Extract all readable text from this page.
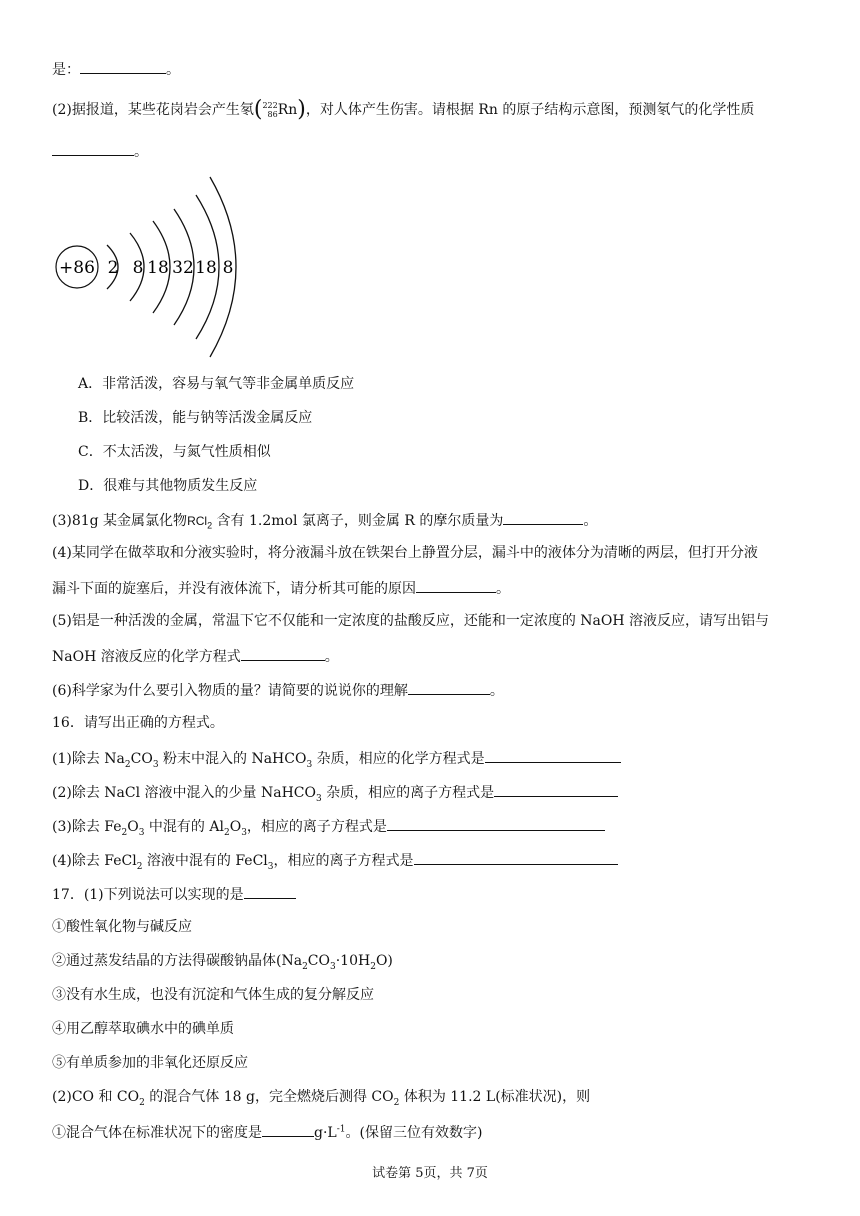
是：	。
(2)据报道，某些花岗岩会产生氡(222
86Rn)，对人体产生伤害。请根据 Rn 的原子结构示意图，预测氡气的化学性质
。
+86 2 8 18 32 18 8
A．非常活泼，容易与氧气等非金属单质反应
B．比较活泼，能与钠等活泼金属反应
C．不太活泼，与氮气性质相似
D．很难与其他物质发生反应
(3)81g 某金属氯化物RCl$_2$ 含有 1.2mol 氯离子，则金属 R 的摩尔质量为	。
(4)某同学在做萃取和分液实验时，将分液漏斗放在铁架台上静置分层，漏斗中的液体分为清晰的两层，但打开分液
漏斗下面的旋塞后，并没有液体流下，请分析其可能的原因	。
(5)铝是一种活泼的金属，常温下它不仅能和一定浓度的盐酸反应，还能和一定浓度的 NaOH 溶液反应，请写出铝与
NaOH 溶液反应的化学方程式	。
(6)科学家为什么要引入物质的量？请简要的说说你的理解	。
16．请写出正确的方程式。
(1)除去 $Na_2CO_3$ 粉末中混入的 NaHCO$_3$ 杂质，相应的化学方程式是
(2)除去 NaCl 溶液中混入的少量 NaHCO$_3$ 杂质，相应的离子方程式是
(3)除去 $Fe_2O_3$ 中混有的 $Al_2O_3$，相应的离子方程式是
(4)除去 FeCl$_2$ 溶液中混有的 FeCl$_3$，相应的离子方程式是
17．(1)下列说法可以实现的是
①酸性氧化物与碱反应
②通过蒸发结晶的方法得碳酸钠晶体$(Na_2CO_3\cdot 10H_2O)$
③没有水生成，也没有沉淀和气体生成的复分解反应
④用乙醇萃取碘水中的碘单质
⑤有单质参加的非氧化还原反应
(2)CO 和 $CO_2$ 的混合气体 18 g，完全燃烧后测得 $CO_2$ 体积为 11.2 L(标准状况)，则
①混合气体在标准状况下的密度是	$g\cdot L^{-1}$。(保留三位有效数字)
试卷第 5页，共 7页
